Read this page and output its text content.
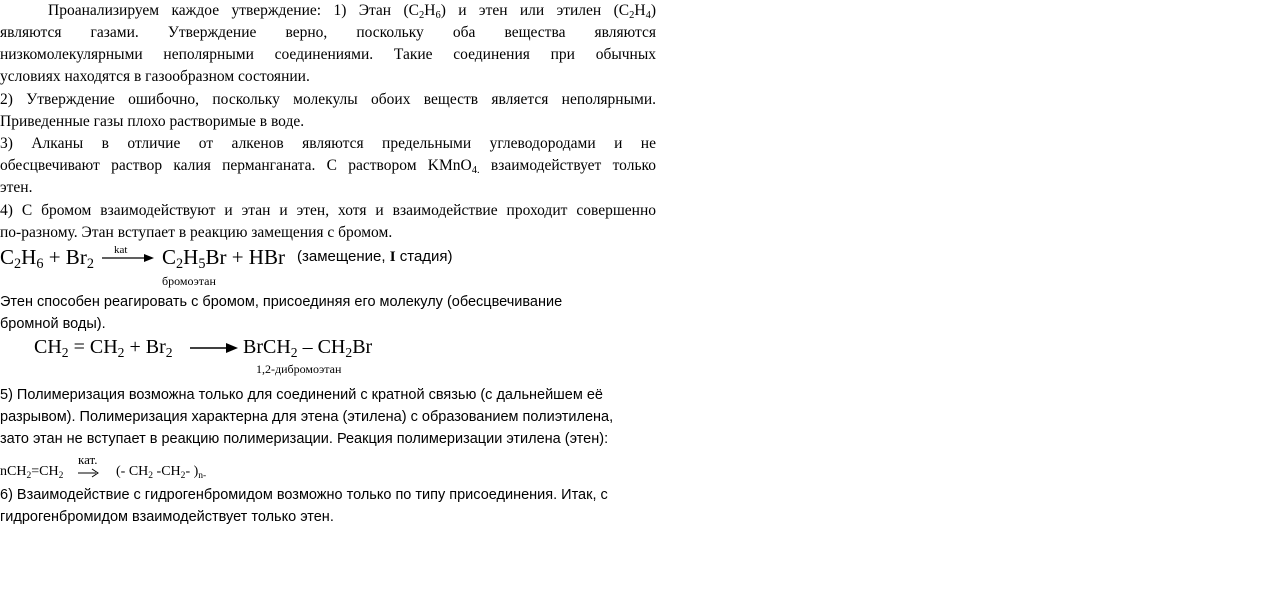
Проанализируем каждое утверждение: 1) Этан $(C_2H_6)$ и этен или этилен $(C_2H_4)$
являются газами. Утверждение верно, поскольку оба вещества являются
низкомолекулярными неполярными соединениями. Такие соединения при обычных
условиях находятся в газообразном состоянии.
2) Утверждение ошибочно, поскольку молекулы обоих веществ является неполярными.
Приведенные газы плохо растворимые в воде.
3) Алканы в отличие от алкенов являются предельными углеводородами и не
обесцвечивают раствор калия перманганата. С раствором KMnO$_{4.}$ взаимодействует только
этен.
4) С бромом взаимодействуют и этан и этен, хотя и взаимодействие проходит совершенно
по-разному. Этан вступает в реакцию замещения с бромом.
$C_2H_6 + Br_2$
kat → $C_2H_5Br$ + HBr (замещение, I стадия)
бромоэтан
Этен способен реагировать с бромом, присоединяя его молекулу (обесцвечивание
бромной воды).
$CH_2 = CH_2 + Br_2$ → BrCH$_2$ – $CH_2Br$
1,2-дибромоэтан
5) Полимеризация возможна только для соединений с кратной связью (с дальнейшем её
разрывом). Полимеризация характерна для этена (этилена) с образованием полиэтилена,
зато этан не вступает в реакцию полимеризации. Реакция полимеризации этилена (этен):
$nCH_2=CH_2$
кат.
→ (- $CH_2$ $-CH_2-$ )$_{n-}$
6) Взаимодействие с гидрогенбромидом возможно только по типу присоединения. Итак, с
гидрогенбромидом взаимодействует только этен.
